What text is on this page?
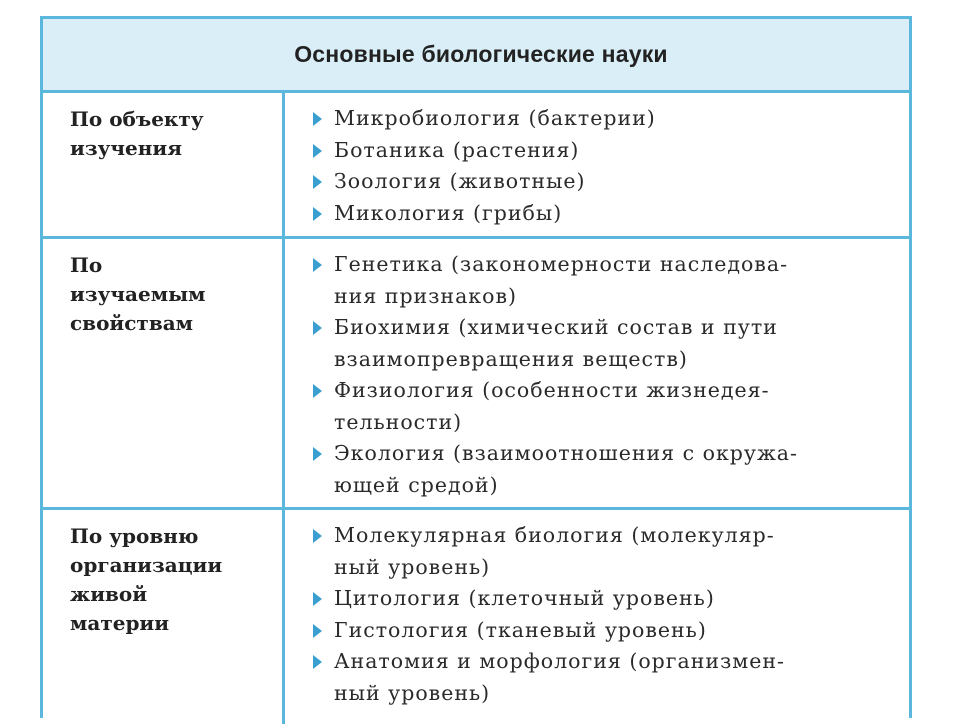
Основные биологические науки
По объекту
изучения
Микробиология (бактерии)
Ботаника (растения)
Зоология (животные)
Микология (грибы)
По
изучаемым
свойствам
Генетика (закономерности наследова-
ния признаков)
Биохимия (химический состав и пути
взаимопревращения веществ)
Физиология (особенности жизнедея-
тельности)
Экология (взаимоотношения с окружа-
ющей средой)
По уровню
организации
живой
материи
Молекулярная биология (молекуляр-
ный уровень)
Цитология (клеточный уровень)
Гистология (тканевый уровень)
Анатомия и морфология (организмен-
ный уровень)
